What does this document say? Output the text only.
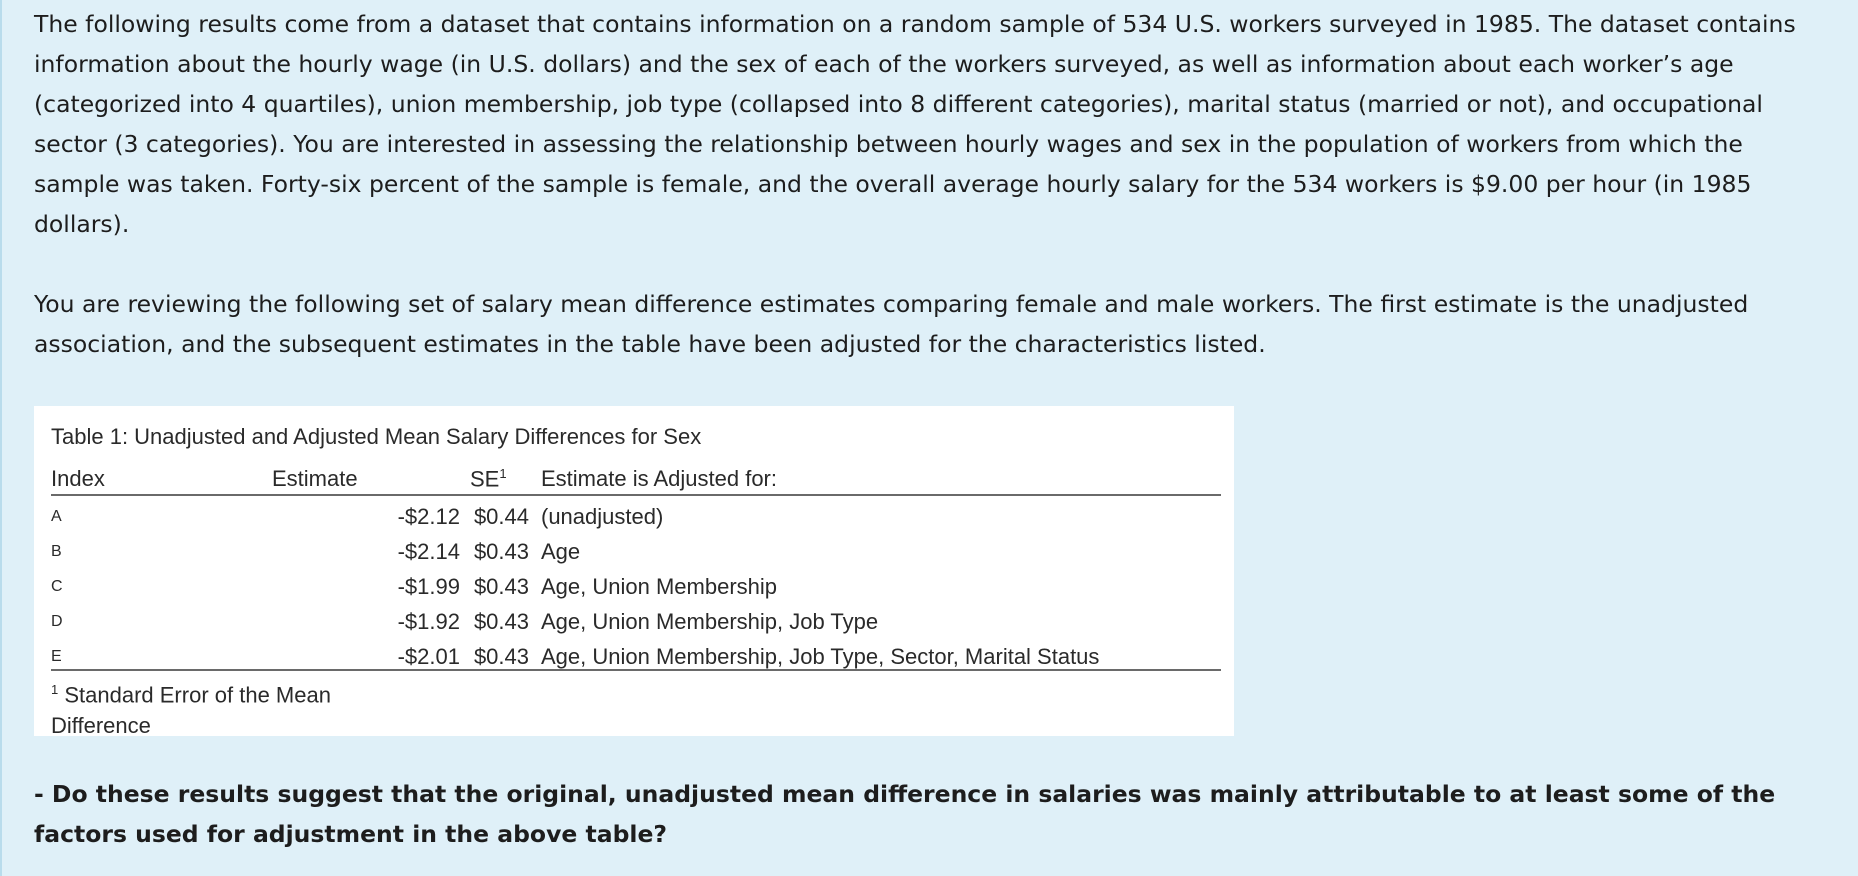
The following results come from a dataset that contains information on a random sample of 534 U.S. workers surveyed in 1985. The dataset contains information about the hourly wage (in U.S. dollars) and the sex of each of the workers surveyed, as well as information about each worker’s age (categorized into 4 quartiles), union membership, job type (collapsed into 8 different categories), marital status (married or not), and occupational sector (3 categories). You are interested in assessing the relationship between hourly wages and sex in the population of workers from which the sample was taken. Forty-six percent of the sample is female, and the overall average hourly salary for the 534 workers is $9.00 per hour (in 1985 dollars).

You are reviewing the following set of salary mean difference estimates comparing female and male workers. The first estimate is the unadjusted association, and the subsequent estimates in the table have been adjusted for the characteristics listed.

Table 1: Unadjusted and Adjusted Mean Salary Differences for Sex
Index	Estimate	$SE^1$ Estimate is Adjusted for:
A	-$2.12 $0.44 (unadjusted)
B	-$2.14 $0.43 Age
C	-$1.99 $0.43 Age, Union Membership
D	-$1.92 $0.43 Age, Union Membership, Job Type
E	-$2.01 $0.43 Age, Union Membership, Job Type, Sector, Marital Status
$^1$ Standard Error of the Mean Difference

- Do these results suggest that the original, unadjusted mean difference in salaries was mainly attributable to at least some of the factors used for adjustment in the above table?
